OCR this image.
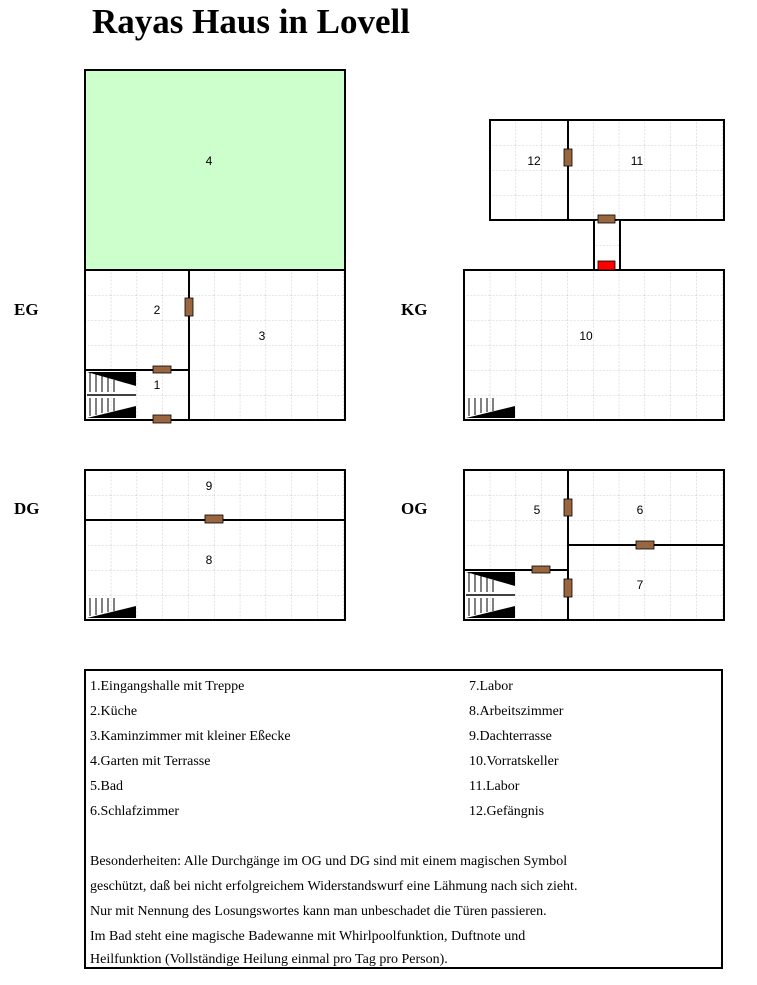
Rayas Haus in Lovell
EG	KG
DG	OG
4
2
3
1
12	11
10
9
8
5	6
7
1.Eingangshalle mit Treppe
2.Küche
3.Kaminzimmer mit kleiner Eßecke
4.Garten mit Terrasse
5.Bad
6.Schlafzimmer
7.Labor
8.Arbeitszimmer
9.Dachterrasse
10.Vorratskeller
11.Labor
12.Gefängnis
Besonderheiten: Alle Durchgänge im OG und DG sind mit einem magischen Symbol
geschützt, daß bei nicht erfolgreichem Widerstandswurf eine Lähmung nach sich zieht.
Nur mit Nennung des Losungswortes kann man unbeschadet die Türen passieren.
Im Bad steht eine magische Badewanne mit Whirlpoolfunktion, Duftnote und
Heilfunktion (Vollständige Heilung einmal pro Tag pro Person).
